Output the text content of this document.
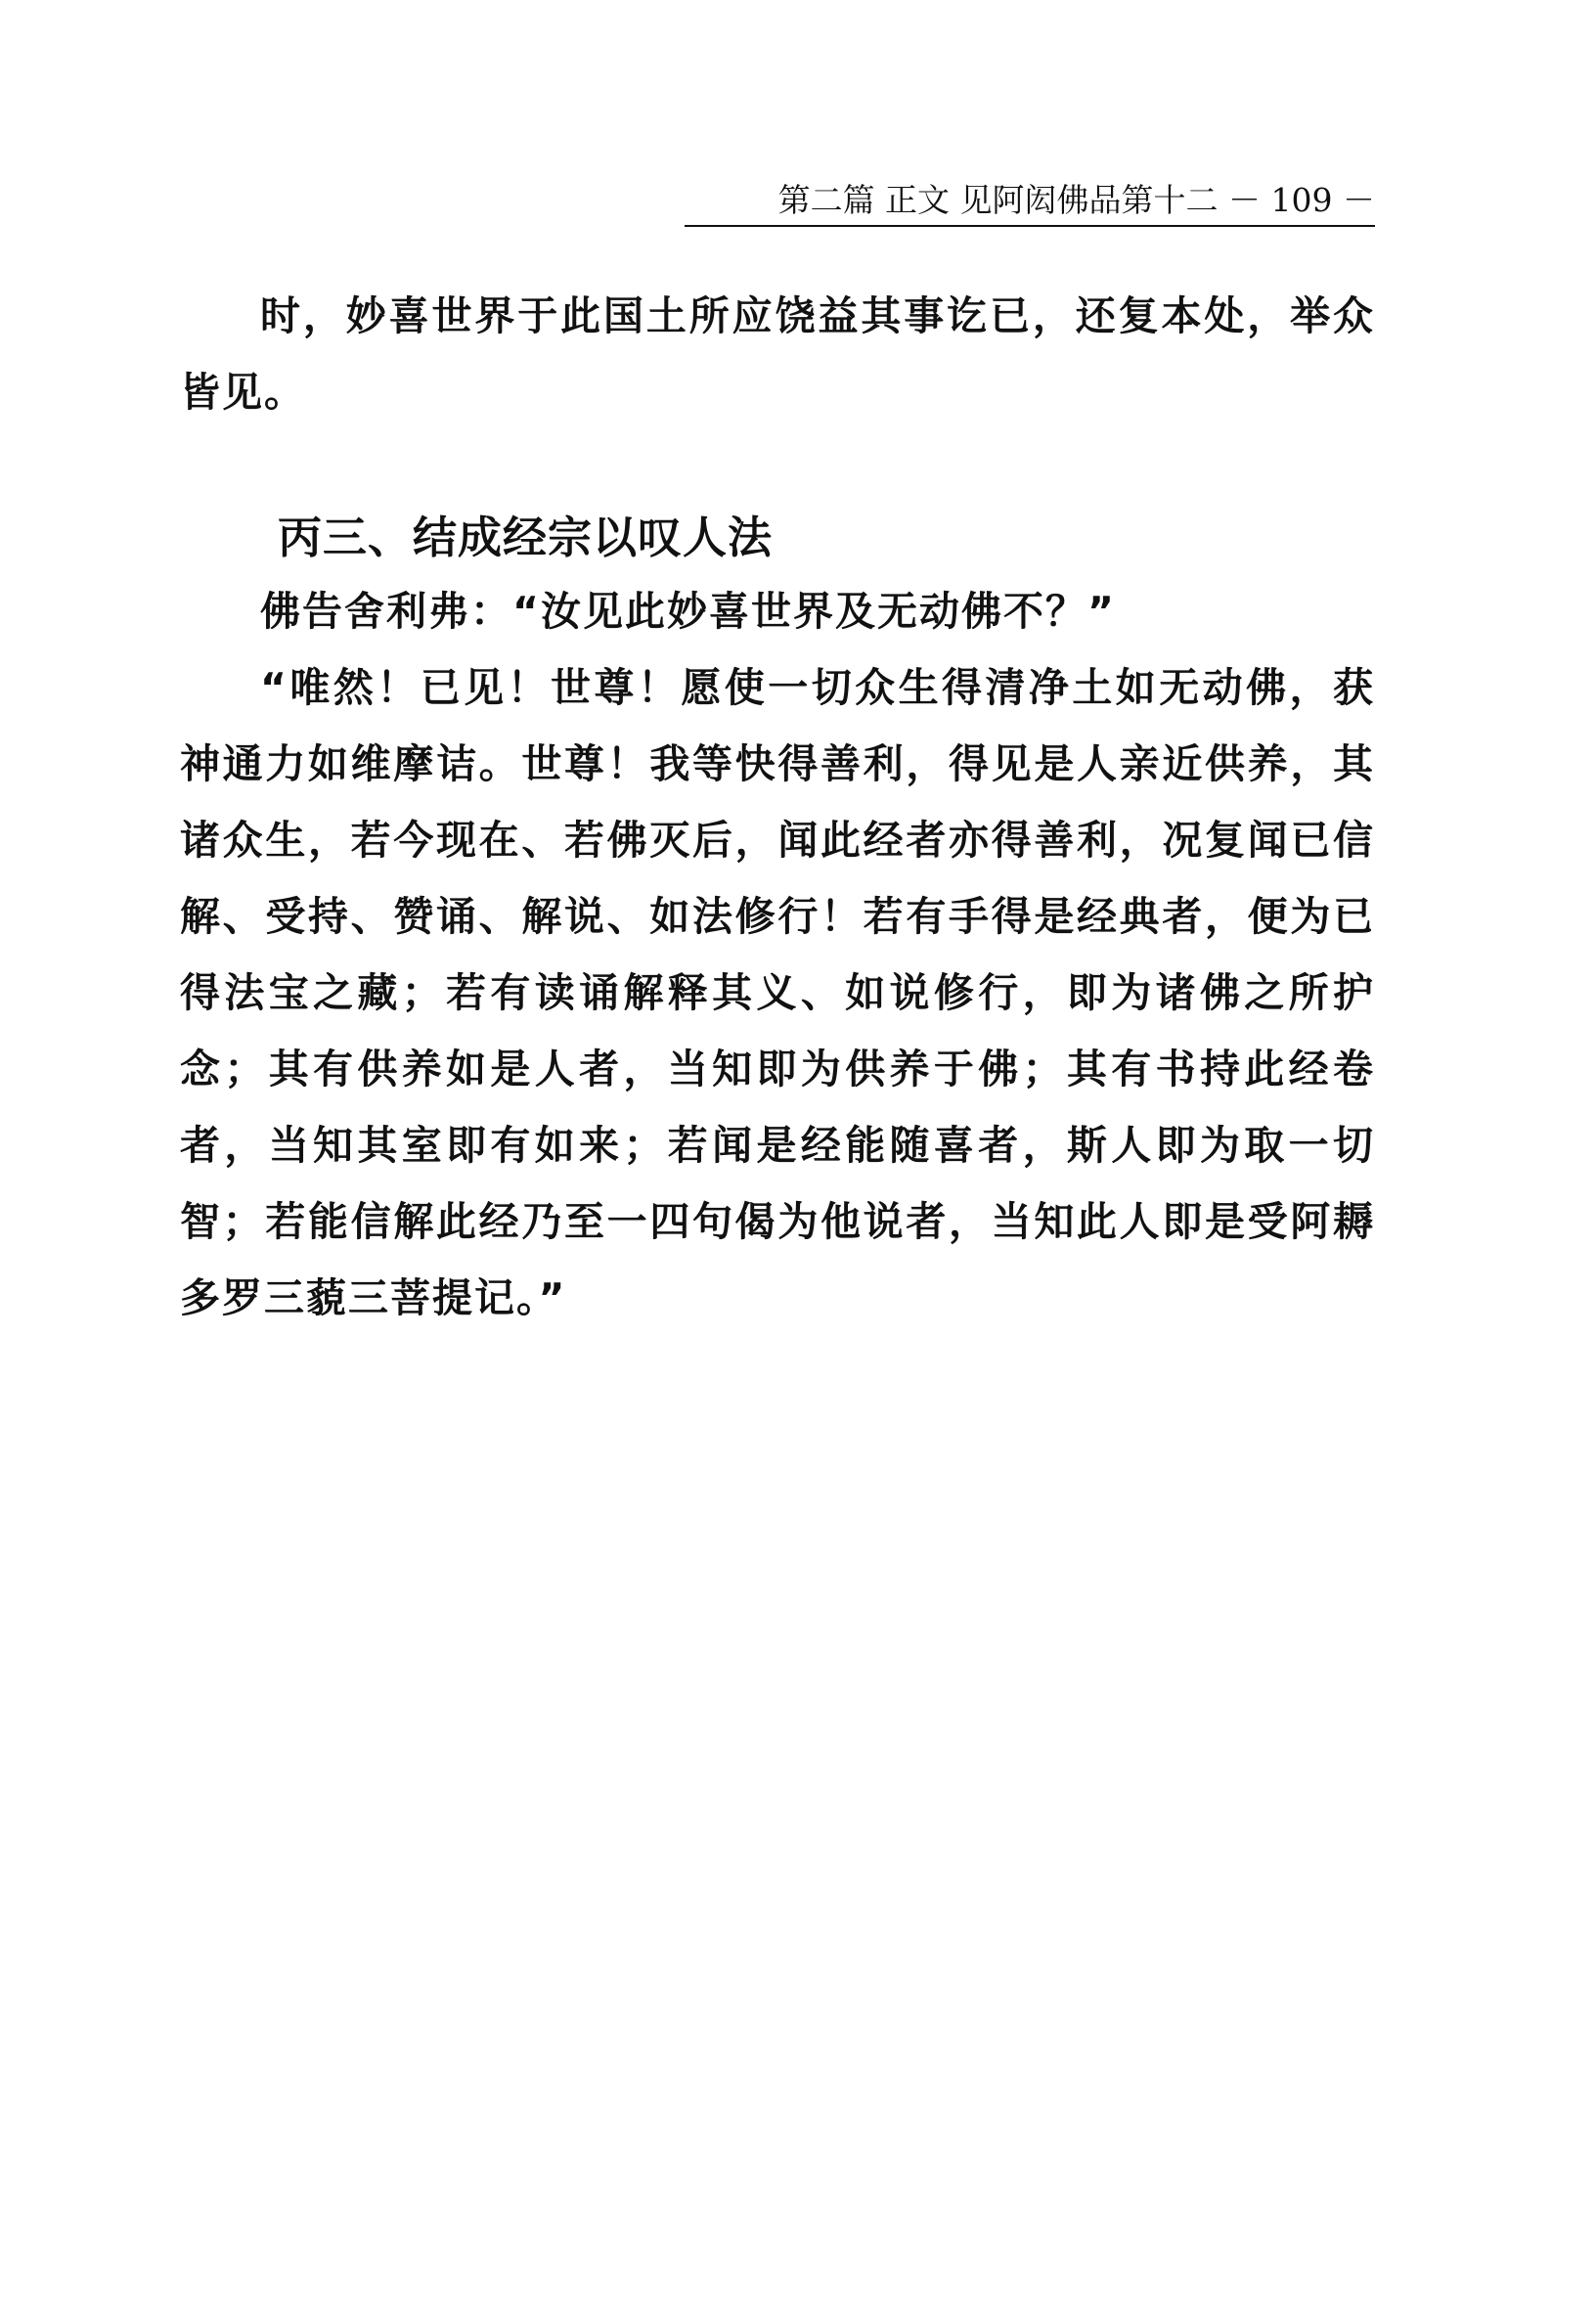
第二篇 正文 见阿闳佛品第十二 － 109 －

时，妙喜世界于此国土所应饶益其事讫已，还复本处，举众皆见。

丙三、结成经宗以叹人法

佛告舍利弗：“汝见此妙喜世界及无动佛不？”

“唯然！已见！世尊！愿使一切众生得清净土如无动佛，获神通力如维摩诘。世尊！我等快得善利，得见是人亲近供养，其诸众生，若今现在、若佛灭后，闻此经者亦得善利，况复闻已信解、受持、赞诵、解说、如法修行！若有手得是经典者，便为已得法宝之藏；若有读诵解释其义、如说修行，即为诸佛之所护念；其有供养如是人者，当知即为供养于佛；其有书持此经卷者，当知其室即有如来；若闻是经能随喜者，斯人即为取一切智；若能信解此经乃至一四句偈为他说者，当知此人即是受阿耨多罗三藐三菩提记。”
